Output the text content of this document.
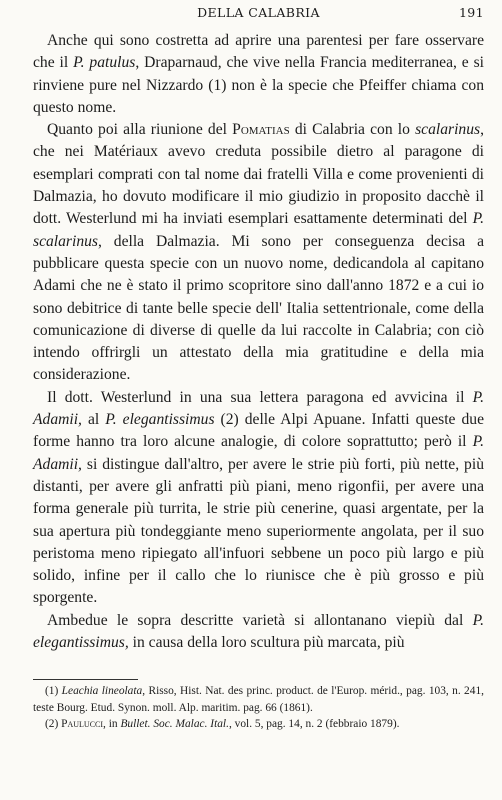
DELLA CALABRIA	191

Anche qui sono costretta ad aprire una parentesi per fare osservare che il P. patulus, Draparnaud, che vive nella Francia mediterranea, e si rinviene pure nel Nizzardo (1) non è la specie che Pfeiffer chiama con questo nome.

Quanto poi alla riunione del Pomatias di Calabria con lo scalarinus, che nei Matériaux avevo creduta possibile dietro al paragone di esemplari comprati con tal nome dai fratelli Villa e come provenienti di Dalmazia, ho dovuto modificare il mio giudizio in proposito dacchè il dott. Westerlund mi ha inviati esemplari esattamente determinati del P. scalarinus, della Dalmazia. Mi sono per conseguenza decisa a pubblicare questa specie con un nuovo nome, dedicandola al capitano Adami che ne è stato il primo scopritore sino dall'anno 1872 e a cui io sono debitrice di tante belle specie dell' Italia settentrionale, come della comunicazione di diverse di quelle da lui raccolte in Calabria; con ciò intendo offrirgli un attestato della mia gratitudine e della mia considerazione.

Il dott. Westerlund in una sua lettera paragona ed avvicina il P. Adamii, al P. elegantissimus (2) delle Alpi Apuane. Infatti queste due forme hanno tra loro alcune analogie, di colore soprattutto; però il P. Adamii, si distingue dall'altro, per avere le strie più forti, più nette, più distanti, per avere gli anfratti più piani, meno rigonfii, per avere una forma generale più turrita, le strie più cenerine, quasi argentate, per la sua apertura più tondeggiante meno superiormente angolata, per il suo peristoma meno ripiegato all'infuori sebbene un poco più largo e più solido, infine per il callo che lo riunisce che è più grosso e più sporgente.

Ambedue le sopra descritte varietà si allontanano viepiù dal P. elegantissimus, in causa della loro scultura più marcata, più

(1) Leachia lineolata, Risso, Hist. Nat. des princ. product. de l'Europ. mérid., pag. 103, n. 241, teste Bourg. Etud. Synon. moll. Alp. maritim. pag. 66 (1861).

(2) Paulucci, in Bullet. Soc. Malac. Ital., vol. 5, pag. 14, n. 2 (febbraio 1879).
